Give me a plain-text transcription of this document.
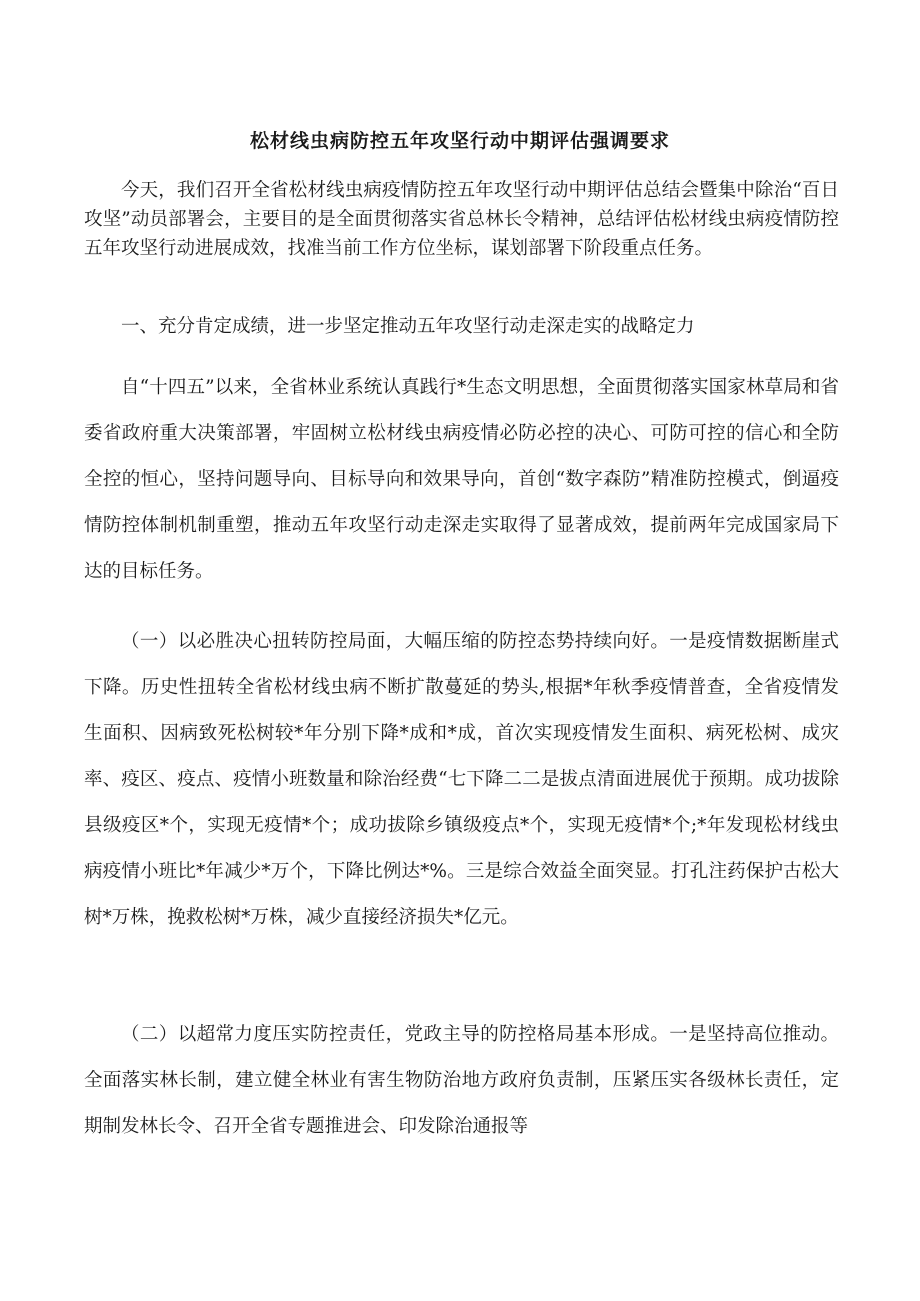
松材线虫病防控五年攻坚行动中期评估强调要求

今天，我们召开全省松材线虫病疫情防控五年攻坚行动中期评估总结会暨集中除治“百日攻坚”动员部署会，主要目的是全面贯彻落实省总林长令精神，总结评估松材线虫病疫情防控五年攻坚行动进展成效，找准当前工作方位坐标，谋划部署下阶段重点任务。

一、充分肯定成绩，进一步坚定推动五年攻坚行动走深走实的战略定力

自“十四五”以来，全省林业系统认真践行*生态文明思想，全面贯彻落实国家林草局和省委省政府重大决策部署，牢固树立松材线虫病疫情必防必控的决心、可防可控的信心和全防全控的恒心，坚持问题导向、目标导向和效果导向，首创“数字森防”精准防控模式，倒逼疫情防控体制机制重塑，推动五年攻坚行动走深走实取得了显著成效，提前两年完成国家局下达的目标任务。

（一）以必胜决心扭转防控局面，大幅压缩的防控态势持续向好。一是疫情数据断崖式下降。历史性扭转全省松材线虫病不断扩散蔓延的势头,根据*年秋季疫情普查，全省疫情发生面积、因病致死松树较*年分别下降*成和*成，首次实现疫情发生面积、病死松树、成灾率、疫区、疫点、疫情小班数量和除治经费“七下降二二是拔点清面进展优于预期。成功拔除县级疫区*个，实现无疫情*个；成功拔除乡镇级疫点*个，实现无疫情*个;*年发现松材线虫病疫情小班比*年减少*万个，下降比例达*%。三是综合效益全面突显。打孔注药保护古松大树*万株，挽救松树*万株，减少直接经济损失*亿元。

（二）以超常力度压实防控责任，党政主导的防控格局基本形成。一是坚持高位推动。全面落实林长制，建立健全林业有害生物防治地方政府负责制，压紧压实各级林长责任，定期制发林长令、召开全省专题推进会、印发除治通报等
